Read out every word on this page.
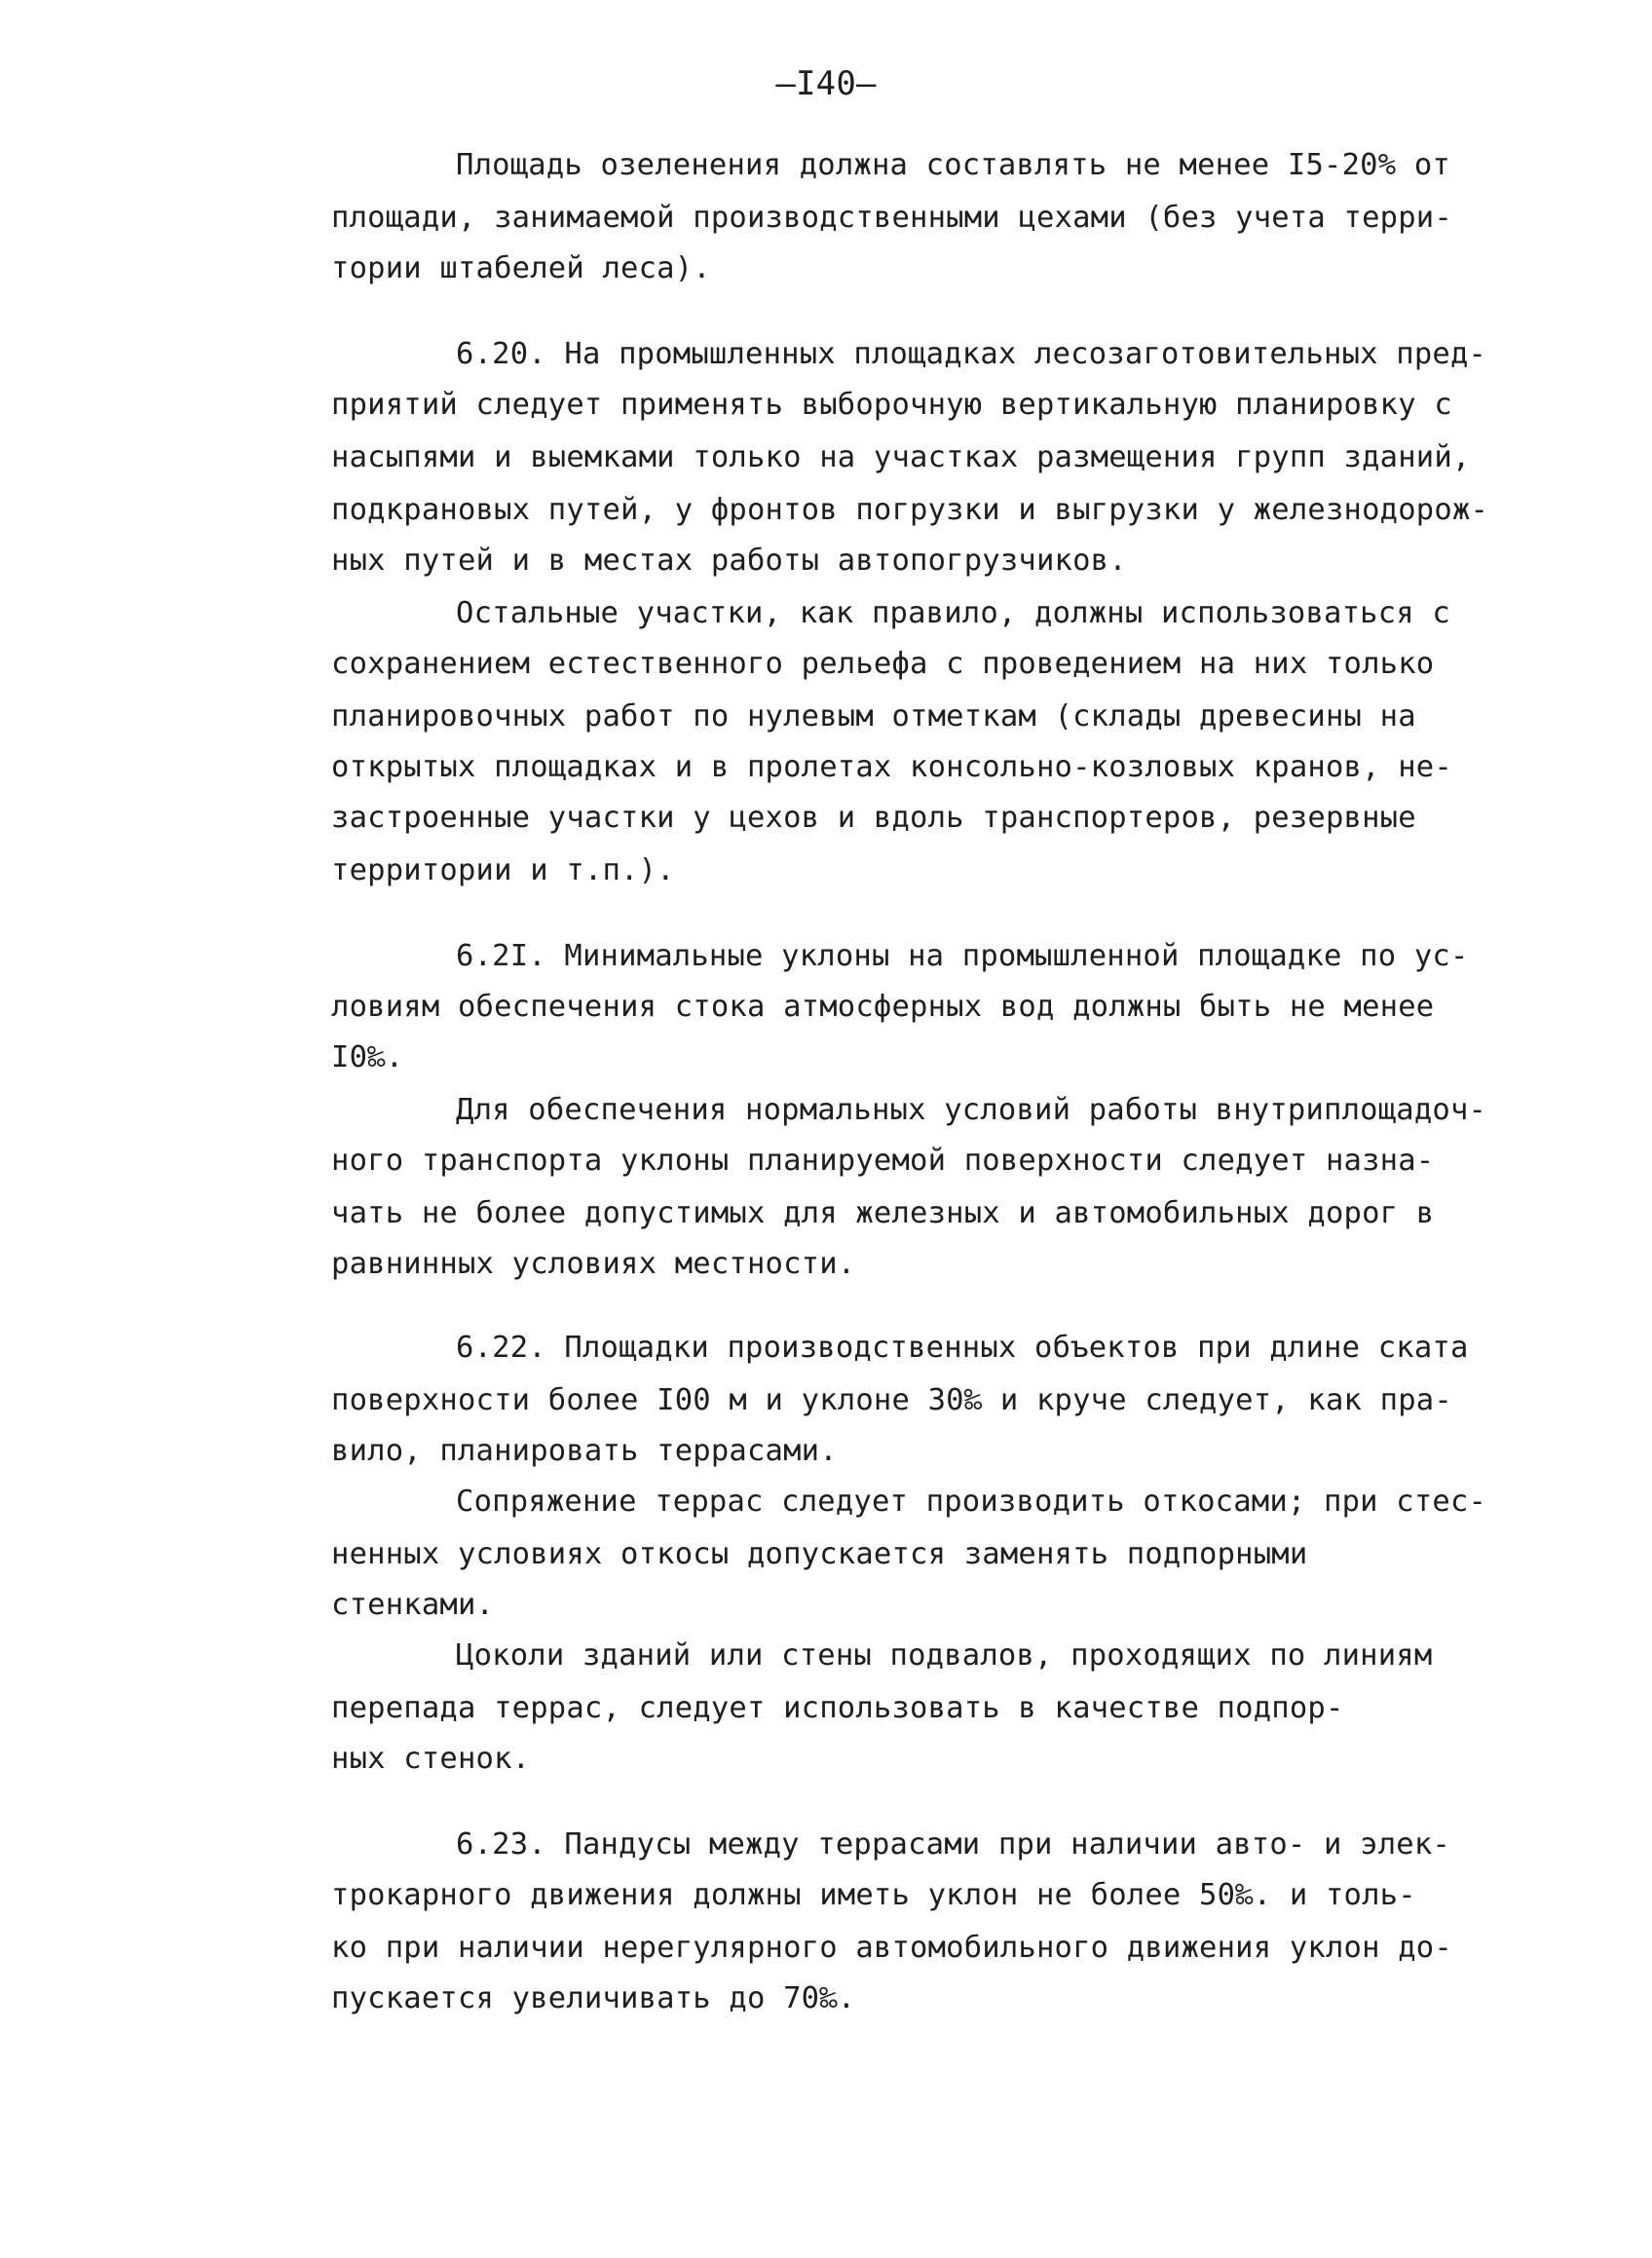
—I40—
Площадь озеленения должна составлять не менее I5-20% от
площади, занимаемой производственными цехами (без учета терри-
тории штабелей леса).
6.20. На промышленных площадках лесозаготовительных пред-
приятий следует применять выборочную вертикальную планировку с
насыпями и выемками только на участках размещения групп зданий,
подкрановых путей, у фронтов погрузки и выгрузки у железнодорож-
ных путей и в местах работы автопогрузчиков.
Остальные участки, как правило, должны использоваться с
сохранением естественного рельефа с проведением на них только
планировочных работ по нулевым отметкам (склады древесины на
открытых площадках и в пролетах консольно-козловых кранов, не-
застроенные участки у цехов и вдоль транспортеров, резервные
территории и т.п.).
6.2I. Минимальные уклоны на промышленной площадке по ус-
ловиям обеспечения стока атмосферных вод должны быть не менее
I0‰.
Для обеспечения нормальных условий работы внутриплощадоч-
ного транспорта уклоны планируемой поверхности следует назна-
чать не более допустимых для железных и автомобильных дорог в
равнинных условиях местности.
6.22. Площадки производственных объектов при длине ската
поверхности более I00 м и уклоне 30‰ и круче следует, как пра-
вило, планировать террасами.
Сопряжение террас следует производить откосами; при стес-
ненных условиях откосы допускается заменять подпорными
стенками.
Цоколи зданий или стены подвалов, проходящих по линиям
перепада террас, следует использовать в качестве подпор-
ных стенок.
6.23. Пандусы между террасами при наличии авто- и элек-
трокарного движения должны иметь уклон не более 50‰. и толь-
ко при наличии нерегулярного автомобильного движения уклон до-
пускается увеличивать до 70‰.
